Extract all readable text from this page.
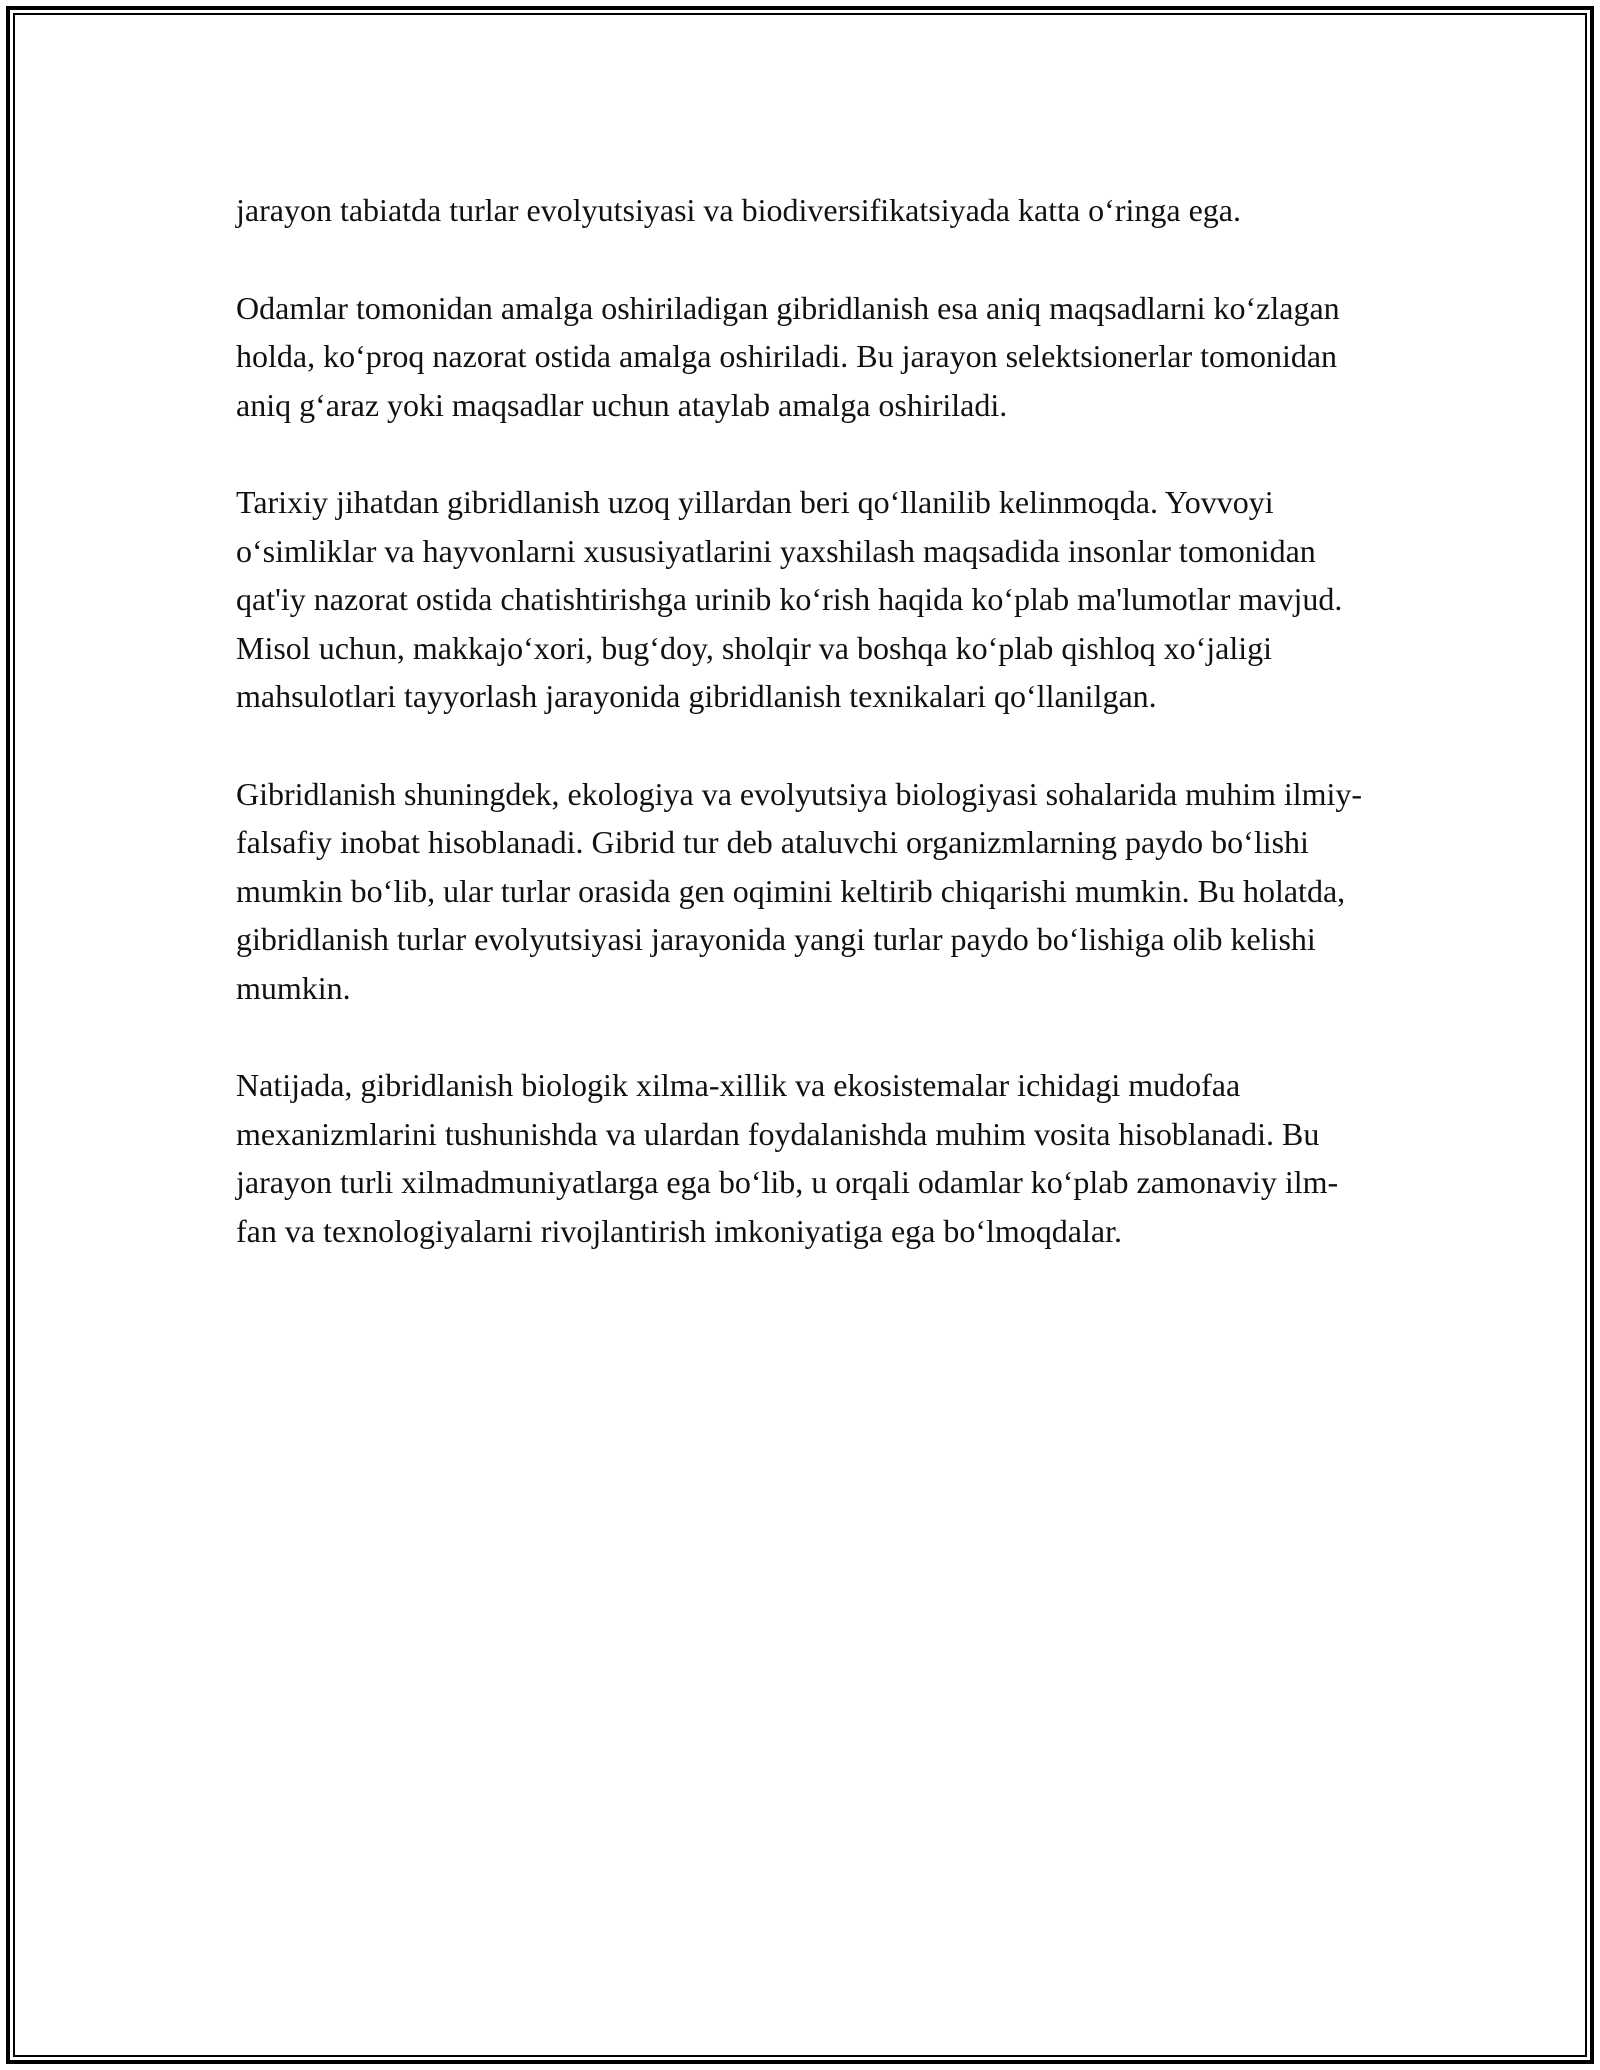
jarayon tabiatda turlar evolyutsiyasi va biodiversifikatsiyada katta o‘ringa ega.

Odamlar tomonidan amalga oshiriladigan gibridlanish esa aniq maqsadlarni ko‘zlagan holda, ko‘proq nazorat ostida amalga oshiriladi. Bu jarayon selektsionerlar tomonidan aniq g‘araz yoki maqsadlar uchun ataylab amalga oshiriladi.

Tarixiy jihatdan gibridlanish uzoq yillardan beri qo‘llanilib kelinmoqda. Yovvoyi o‘simliklar va hayvonlarni xususiyatlarini yaxshilash maqsadida insonlar tomonidan qat'iy nazorat ostida chatishtirishga urinib ko‘rish haqida ko‘plab ma'lumotlar mavjud. Misol uchun, makkajo‘xori, bug‘doy, sholqir va boshqa ko‘plab qishloq xo‘jaligi mahsulotlari tayyorlash jarayonida gibridlanish texnikalari qo‘llanilgan.

Gibridlanish shuningdek, ekologiya va evolyutsiya biologiyasi sohalarida muhim ilmiy-falsafiy inobat hisoblanadi. Gibrid tur deb ataluvchi organizmlarning paydo bo‘lishi mumkin bo‘lib, ular turlar orasida gen oqimini keltirib chiqarishi mumkin. Bu holatda, gibridlanish turlar evolyutsiyasi jarayonida yangi turlar paydo bo‘lishiga olib kelishi mumkin.

Natijada, gibridlanish biologik xilma-xillik va ekosistemalar ichidagi mudofaa mexanizmlarini tushunishda va ulardan foydalanishda muhim vosita hisoblanadi. Bu jarayon turli xilmadmuniyatlarga ega bo‘lib, u orqali odamlar ko‘plab zamonaviy ilm-fan va texnologiyalarni rivojlantirish imkoniyatiga ega bo‘lmoqdalar.
